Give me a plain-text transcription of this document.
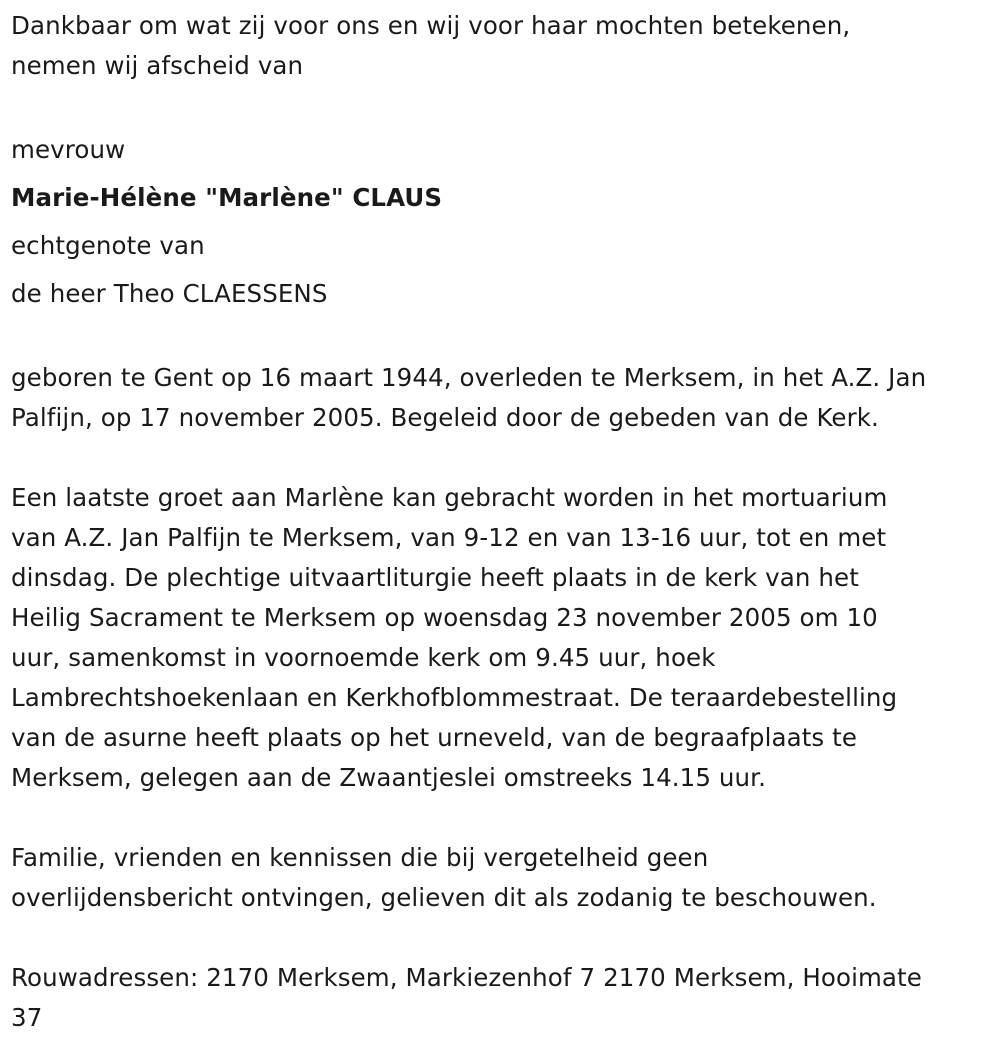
Dankbaar om wat zij voor ons en wij voor haar mochten betekenen,

nemen wij afscheid van

mevrouw

Marie-Hélène "Marlène" CLAUS

echtgenote van

de heer Theo CLAESSENS

geboren te Gent op 16 maart 1944, overleden te Merksem, in het A.Z. Jan

Palfijn, op 17 november 2005. Begeleid door de gebeden van de Kerk.

Een laatste groet aan Marlène kan gebracht worden in het mortuarium

van A.Z. Jan Palfijn te Merksem, van 9-12 en van 13-16 uur, tot en met

dinsdag. De plechtige uitvaartliturgie heeft plaats in de kerk van het

Heilig Sacrament te Merksem op woensdag 23 november 2005 om 10

uur, samenkomst in voornoemde kerk om 9.45 uur, hoek

Lambrechtshoekenlaan en Kerkhofblommestraat. De teraardebestelling

van de asurne heeft plaats op het urneveld, van de begraafplaats te

Merksem, gelegen aan de Zwaantjeslei omstreeks 14.15 uur.

Familie, vrienden en kennissen die bij vergetelheid geen

overlijdensbericht ontvingen, gelieven dit als zodanig te beschouwen.

Rouwadressen: 2170 Merksem, Markiezenhof 7 2170 Merksem, Hooimate

37
